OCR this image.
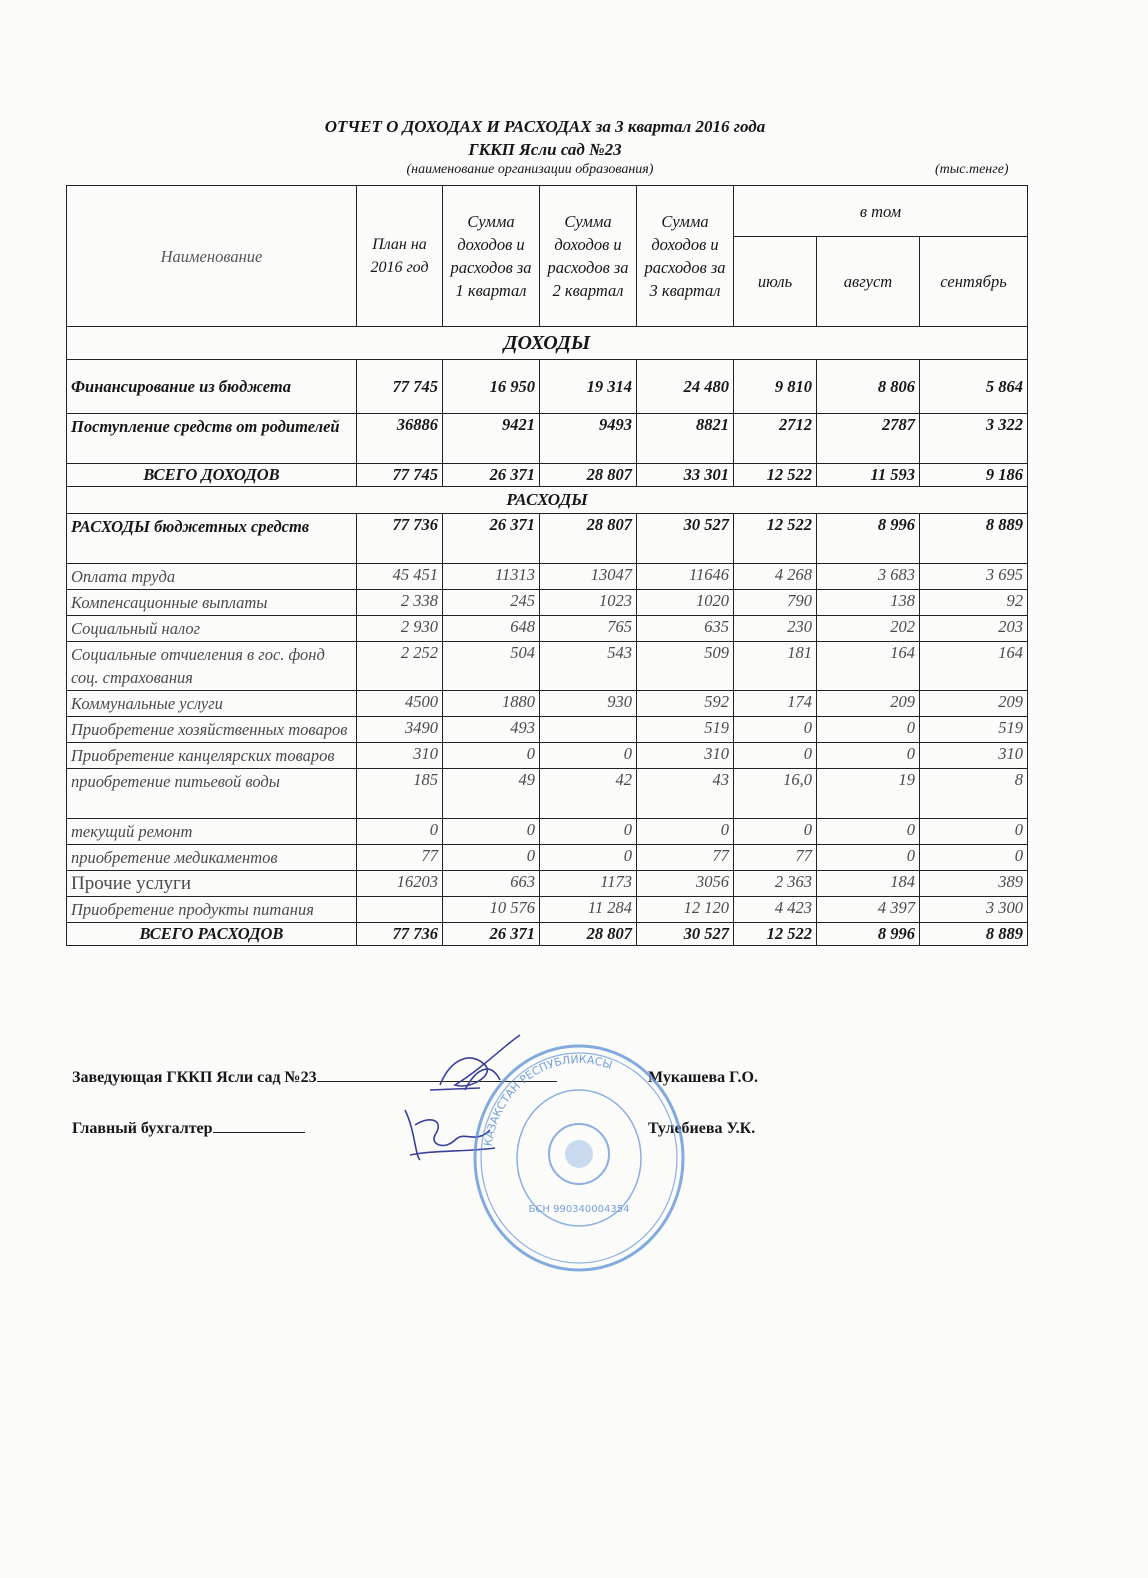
ОТЧЕТ О ДОХОДАХ И РАСХОДАХ за 3 квартал 2016 года
ГККП Ясли сад №23
(наименование организации образования)	(тыс.тенге)
Наименование	План на 2016 год	Сумма доходов и расходов за 1 квартал	Сумма доходов и расходов за 2 квартал	Сумма доходов и расходов за 3 квартал	в том		
					июль	август	сентябрь
ДОХОДЫ							
Финансирование из бюджета	77 745	16 950	19 314	24 480	9 810	8 806	5 864
Поступление средств от родителей	36886	9421	9493	8821	2712	2787	3 322
ВСЕГО ДОХОДОВ	77 745	26 371	28 807	33 301	12 522	11 593	9 186
РАСХОДЫ							
РАСХОДЫ бюджетных средств	77 736	26 371	28 807	30 527	12 522	8 996	8 889
Оплата труда	45 451	11313	13047	11646	4 268	3 683	3 695
Компенсационные выплаты	2 338	245	1023	1020	790	138	92
Социальный налог	2 930	648	765	635	230	202	203
Социальные отчиеления в гос. фонд соц. страхования	2 252	504	543	509	181	164	164
Коммунальные услуги	4500	1880	930	592	174	209	209
Приобретение хозяйственных товаров	3490	493		519	0	0	519
Приобретение канцелярских товаров	310	0	0	310	0	0	310
приобретение питьевой воды	185	49	42	43	16,0	19	8
текущий ремонт	0	0	0	0	0	0	0
приобретение медикаментов	77	0	0	77	77	0	0
Прочие услуги	16203	663	1173	3056	2 363	184	389
Приобретение продукты питания		10 576	11 284	12 120	4 423	4 397	3 300
ВСЕГО РАСХОДОВ	77 736	26 371	28 807	30 527	12 522	8 996	8 889
Заведующая ГККП Ясли сад №23	Мукашева Г.О.
Главный бухгалтер	Тулебиева У.К.
КАЗАКСТАН РЕСПУБЛИКАСЫ
БСН 990340004354
